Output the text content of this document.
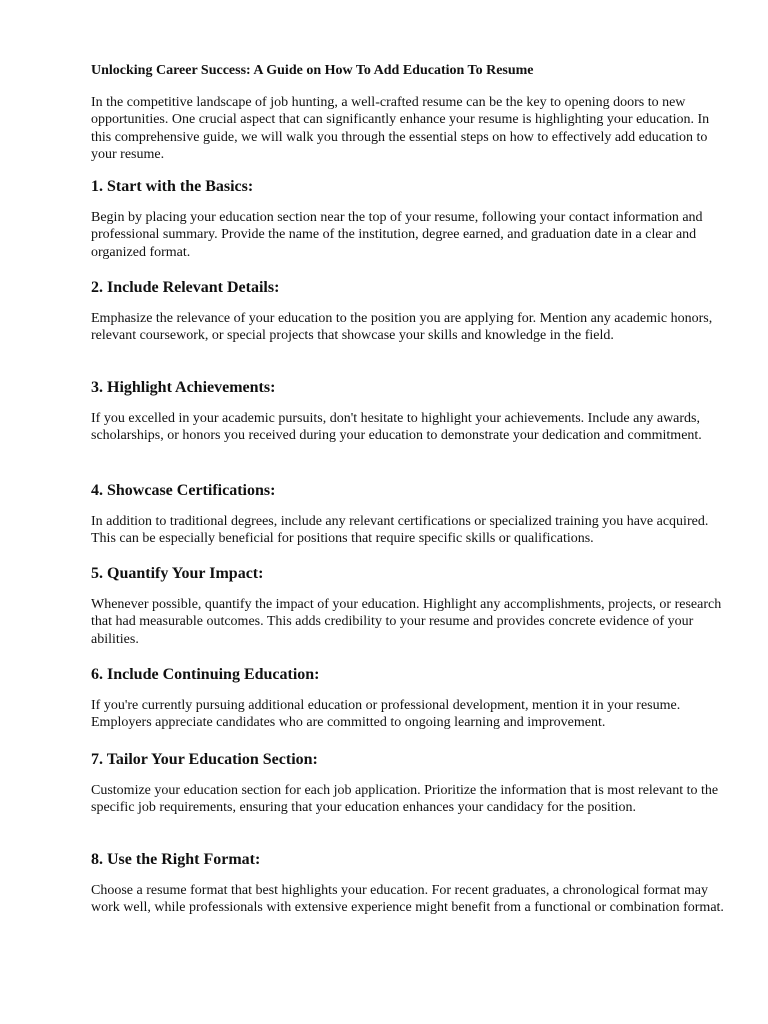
Unlocking Career Success: A Guide on How To Add Education To Resume

In the competitive landscape of job hunting, a well-crafted resume can be the key to opening doors to new opportunities. One crucial aspect that can significantly enhance your resume is highlighting your education. In this comprehensive guide, we will walk you through the essential steps on how to effectively add education to your resume.

1. Start with the Basics:

Begin by placing your education section near the top of your resume, following your contact information and professional summary. Provide the name of the institution, degree earned, and graduation date in a clear and organized format.

2. Include Relevant Details:

Emphasize the relevance of your education to the position you are applying for. Mention any academic honors, relevant coursework, or special projects that showcase your skills and knowledge in the field.

3. Highlight Achievements:

If you excelled in your academic pursuits, don't hesitate to highlight your achievements. Include any awards, scholarships, or honors you received during your education to demonstrate your dedication and commitment.

4. Showcase Certifications:

In addition to traditional degrees, include any relevant certifications or specialized training you have acquired. This can be especially beneficial for positions that require specific skills or qualifications.

5. Quantify Your Impact:

Whenever possible, quantify the impact of your education. Highlight any accomplishments, projects, or research that had measurable outcomes. This adds credibility to your resume and provides concrete evidence of your abilities.

6. Include Continuing Education:

If you're currently pursuing additional education or professional development, mention it in your resume. Employers appreciate candidates who are committed to ongoing learning and improvement.

7. Tailor Your Education Section:

Customize your education section for each job application. Prioritize the information that is most relevant to the specific job requirements, ensuring that your education enhances your candidacy for the position.

8. Use the Right Format:

Choose a resume format that best highlights your education. For recent graduates, a chronological format may work well, while professionals with extensive experience might benefit from a functional or combination format.
